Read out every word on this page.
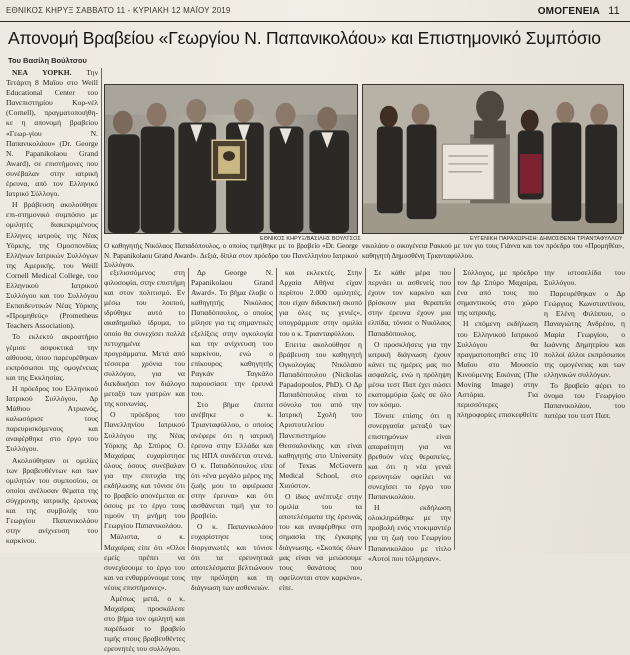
ΕΘΝΙΚΟΣ ΚΗΡΥΞ ΣΑΒΒΑΤΟ 11 - ΚΥΡΙΑΚΗ 12 ΜΑΪΟΥ 2019	ΟΜΟΓΕΝΕΙΑ 11
Απονομή Βραβείου «Γεωργίου Ν. Παπανικολάου» και Επιστημονικό Συμπόσιο
Του Βασίλη Βούλτσου

ΝΕΑ ΥΟΡΚΗ. Την Τετάρτη 8 Μαΐου στο Weill Educational Center του Πανεπιστημίου Κορ-νέλ (Cornell), πραγματοποιήθη-κε η απονομή βραβείου «Γεωρ-γίου Ν. Παπανικολάου» (Dr. George N. Papanikolaou Grand Award), σε επιστήμονες που συνέβαλαν στην ιατρική έρευνα, από τον Ελληνικό Ιατρικό Σύλλογο.

Η βράβευση ακολούθησε επι-στημονικό συμπόσιο με ομιλητές διακεκριμένους Ελληνες ιατρούς της Νέας Υόρκης, της Ομοσπονδίας Ελλήνων Ιατρικών Συλλόγων της Αμερικής, του Weill Cornell Medical College, του Ελληνικού Ιατρικού Συλλόγου και του Συλλόγου Εκπαιδευτικών Νέας Υόρκης «Προμηθεύς» (Prometheus Teachers Association).

Το εκλεκτό ακροατήριο γέμισε ασφυκτικά την αίθουσα, όπου παρευρέθηκαν εκπρόσωποι της ομογένειας και της Εκκλησίας.

Η πρόεδρος του Ελληνικού Ιατρικού Συλλόγου, Δρ Μάθιου Ατριανός, καλωσόρισε τους παρευρισκόμενους και αναφέρθηκε στο έργο του Συλλόγου.

Ακολούθησαν οι ομιλίες των βραβευθέντων και των ομιλητών του συμποσίου, οι οποίοι ανέλυσαν θέματα της σύγχρονης ιατρικής έρευνας και της συμβολής του Γεωργίου Παπανικολάου στην ανίχνευση του καρκίνου.

ΕΘΝΙΚΟΣ ΚΗΡΥΞ/ΒΑΣΙΛΗΣ ΒΟΥΛΤΣΟΣ
Ο καθηγητής Νικόλαος Παπαδόπουλος, ο οποίος τιμήθηκε με το βραβείο «Dr. George N. Papanikolaou Grand Award». Δεξιά, δίπλα στον πρόεδρο του Πανελληνίου Ιατρικού Συλλόγου.
ΕΥΓΕΝΙΚΗ ΠΑΡΑΧΩΡΗΣΗ: ΔΗΜΟΣΘΕΝΗ ΤΡΙΑΝΤΑΦΥΛΛΟΥ
νικολάου ο οικογένεια Ρακκού με τον γιο τους Γιάννα και τον πρόεδρο του «Προμηθέα», καθηγητή Δημοσθένη Τριανταφύλλου.

εξελισσόμενος στη φιλοσοφία, στην επιστήμη και στον πολιτισμό. Εν μέσω του λοιπού, ιδρύθηκε αυτό το ακαδημαϊκό ίδρυμα, το οποίο θα συνεχίσει πολλά πετυχημένα προγράμματα. Μετά από τέσσερα χρόνια του συλλόγου, για να διεκδικήσει τον διάλογο μεταξύ των γιατρών και της κοινωνίας.

Ο πρόεδρος του Πανελληνίου Ιατρικού Συλλόγου της Νέας Υόρκης Δρ Σπύρος Ο. Μαχαίρας ευχαρίστησε όλους όσους συνέβαλαν για την επιτυχία της εκδήλωσης και τόνισε ότι το βραβείο απονέμεται σε όσους με το έργο τους τιμούν τη μνήμη του Γεωργίου Παπανικολάου.

Μάλιστα, ο κ. Μαχαίρας είπε ότι «Ολοι εμείς πρέπει να συνεχίσουμε το έργο του και να ενθαρρύνουμε τους νέους επιστήμονες».

Αμέσως μετά, ο κ. Μαχαίρας προσκάλεσε στο βήμα τον ομιλητή και παρέδωσε το βραβείο τιμής στους βραβευθέντες ερευνητές του συλλόγου.

Δρ George N. Papanikolaou Grand Award». Το βήμα έλαβε ο καθηγητής Νικόλαος Παπαδόπουλος, ο οποίος μίλησε για τις σημαντικές εξελίξεις στην ογκολογία και την ανίχνευση του καρκίνου, ενώ ο επίκουρος καθηγητής Ραγκάν Ταγκάλο παρουσίασε την έρευνά του.

Στο βήμα έπειτα ανέβηκε ο κ. Τριανταφύλλου, ο οποίος ανέφερε ότι η ιατρική έρευνα στην Ελλάδα και τις ΗΠΑ συνδέεται στενά. Ο κ. Παπαδόπουλος είπε ότι «ένα μεγάλο μέρος της ζωής μου το αφιέρωσα στην έρευνα» και ότι αισθάνεται τιμή για το βραβείο.

Ο κ. Παπανικολάου ευχαρίστησε τους διοργανωτές και τόνισε ότι τα ερευνητικά αποτελέσματα βελτιώνουν την πρόληψη και τη διάγνωση των ασθενειών.

και εκλεκτές. Στην Αρχαία Αθήνα είχαν περίπου 2.000 ομιλητές, που είχαν διδακτική σκοπό για όλες τις γενιές», υπογράμμισε στην ομιλία του ο κ. Τριανταφύλλου.

Επειτα ακολούθησε η βράβευση του καθηγητή Ογκολογίας Νικόλαου Παπαδόπουλου (Nickolas Papadopoulos, PhD). Ο Δρ Παπαδόπουλος είναι το σύνολο του από την Ιατρική Σχολή του Αριστοτελείου Πανεπιστημίου Θεσσαλονίκης και είναι καθηγητής στο University of Texas McGovern Medical School, στο Χιούστον.

Ο ίδιος ανέπτυξε στην ομιλία του τα αποτελέσματα της έρευνάς του και αναφέρθηκε στη σημασία της έγκαιρης διάγνωσης. «Σκοπός όλων μας είναι να μειώσουμε τους θανάτους που οφείλονται στον καρκίνο», είπε.

Σε κάθε μέρα που περνάει οι ασθενείς που έχουν τον καρκίνο και βρίσκουν μια θεραπεία στην έρευνα έχουν μια ελπίδα, τόνισε ο Νικόλαος Παπαδόπουλος.

Ο προσκλήσεις για την ιατρική διάγνωση έχουν κάνει τις ημέρες μας πιο ασφαλείς, ενώ η πρόληψη μέσω τεστ Παπ έχει σώσει εκατομμύρια ζωές σε όλο τον κόσμο.

Τόνισε επίσης ότι η συνεργασία μεταξύ των επιστημόνων είναι απαραίτητη για να βρεθούν νέες θεραπείες, και ότι η νέα γενιά ερευνητών οφείλει να συνεχίσει το έργο του Παπανικολάου.

Η εκδήλωση ολοκληρώθηκε με την προβολή ενός ντοκιμαντέρ για τη ζωή του Γεωργίου Παπανικολάου με τίτλο «Αυτοί που τόλμησαν».

Σύλλογος, με πρόεδρο τον Δρ Σπύρο Μαχαίρα, ένα από τους πιο σημαντικούς στο χώρο της ιατρικής.

Η επόμενη εκδήλωση του Ελληνικού Ιατρικού Συλλόγου θα πραγματοποιηθεί στις 10 Μαΐου στο Μουσείο Κινούμενης Εικόνας (The Moving Image) στην Αστόρια. Για περισσότερες πληροφορίες επισκεφθείτε την ιστοσελίδα του Συλλόγου.

Παρευρέθηκαν ο Δρ Γεώργιος Κωνσταντίνου, η Ελένη Φιλίππου, ο Παναγιώτης Ανδρέου, η Μαρία Γεωργίου, ο Ιωάννης Δημητρίου και πολλοί άλλοι εκπρόσωποι της ομογένειας και των ελληνικών συλλόγων.

Το βραβείο φέρει το όνομα του Γεωργίου Παπανικολάου, του πατέρα του τεστ Παπ.
